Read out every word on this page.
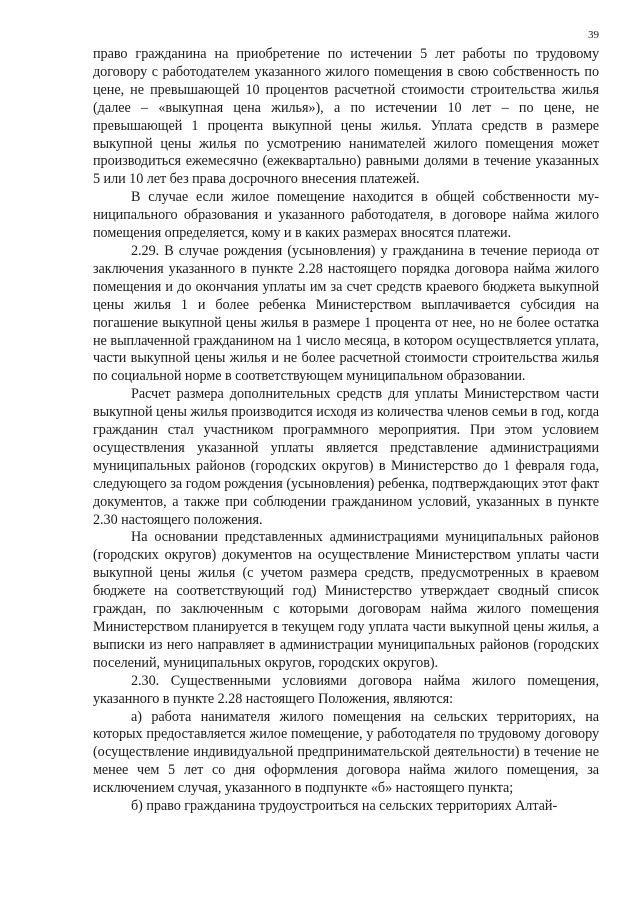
39

право гражданина на приобретение по истечении 5 лет работы по трудовому договору с работодателем указанного жилого помещения в свою собственность по цене, не превышающей 10 процентов расчетной стоимости строительства жилья (далее – «выкупная цена жилья»), а по истечении 10 лет – по цене, не превышающей 1 процента выкупной цены жилья. Уплата средств в размере выкупной цены жилья по усмотрению нанимателей жилого помещения может производиться ежемесячно (ежеквартально) равными долями в течение указанных 5 или 10 лет без права досрочного внесения платежей.

В случае если жилое помещение находится в общей собственности муниципального образования и указанного работодателя, в договоре найма жилого помещения определяется, кому и в каких размерах вносятся платежи.

2.29. В случае рождения (усыновления) у гражданина в течение периода от заключения указанного в пункте 2.28 настоящего порядка договора найма жилого помещения и до окончания уплаты им за счет средств краевого бюджета выкупной цены жилья 1 и более ребенка Министерством выплачивается субсидия на погашение выкупной цены жилья в размере 1 процента от нее, но не более остатка не выплаченной гражданином на 1 число месяца, в котором осуществляется уплата, части выкупной цены жилья и не более расчетной стоимости строительства жилья по социальной норме в соответствующем муниципальном образовании.

Расчет размера дополнительных средств для уплаты Министерством части выкупной цены жилья производится исходя из количества членов семьи в год, когда гражданин стал участником программного мероприятия. При этом условием осуществления указанной уплаты является представление администрациями муниципальных районов (городских округов) в Министерство до 1 февраля года, следующего за годом рождения (усыновления) ребенка, подтверждающих этот факт документов, а также при соблюдении гражданином условий, указанных в пункте 2.30 настоящего положения.

На основании представленных администрациями муниципальных районов (городских округов) документов на осуществление Министерством уплаты части выкупной цены жилья (с учетом размера средств, предусмотренных в краевом бюджете на соответствующий год) Министерство утверждает сводный список граждан, по заключенным с которыми договорам найма жилого помещения Министерством планируется в текущем году уплата части выкупной цены жилья, а выписки из него направляет в администрации муниципальных районов (городских поселений, муниципальных округов, городских округов).

2.30. Существенными условиями договора найма жилого помещения, указанного в пункте 2.28 настоящего Положения, являются:

а) работа нанимателя жилого помещения на сельских территориях, на которых предоставляется жилое помещение, у работодателя по трудовому договору (осуществление индивидуальной предпринимательской деятельности) в течение не менее чем 5 лет со дня оформления договора найма жилого помещения, за исключением случая, указанного в подпункте «б» настоящего пункта;

б) право гражданина трудоустроиться на сельских территориях Алтай-
